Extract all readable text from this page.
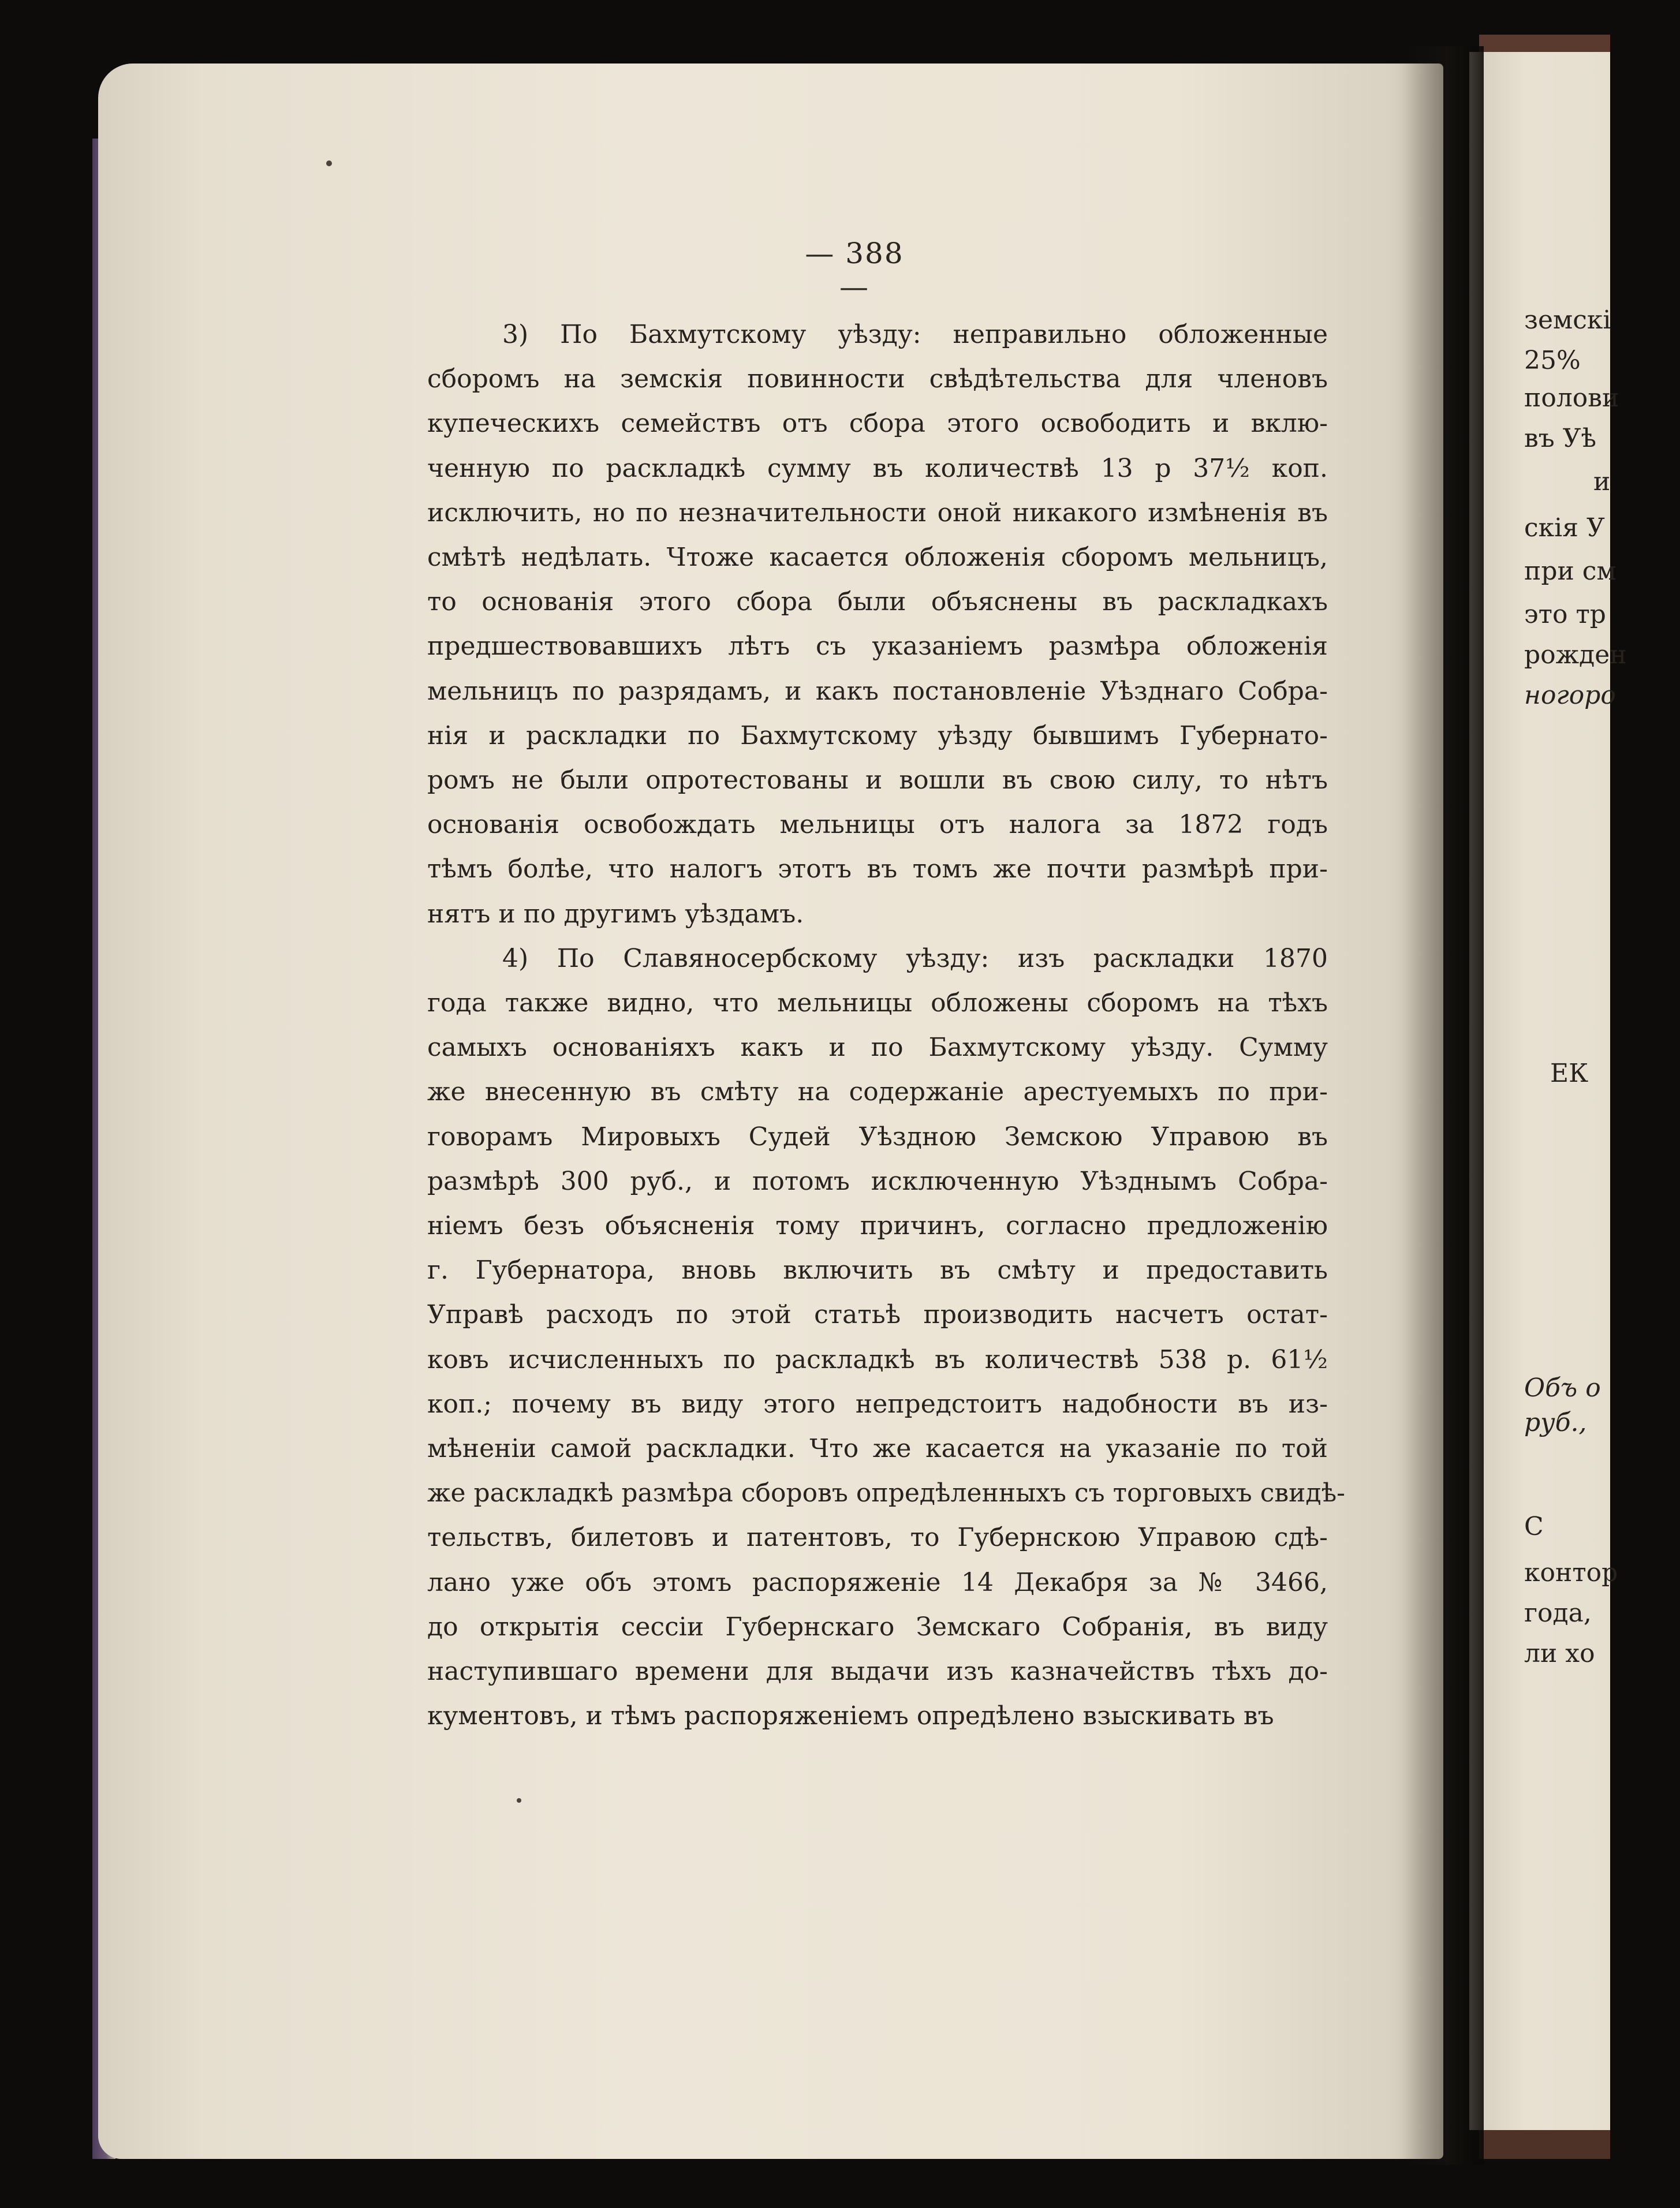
— 388 —
3) По Бахмутскому уѣзду: неправильно обложенные
сборомъ на земскія повинности свѣдѣтельства для членовъ
купеческихъ семействъ отъ сбора этого освободить и вклю-
ченную по раскладкѣ сумму въ количествѣ 13 р 37½ коп.
исключить, но по незначительности оной никакого измѣненія въ
смѣтѣ недѣлать. Чтоже касается обложенія сборомъ мельницъ,
то основанія этого сбора были объяснены въ раскладкахъ
предшествовавшихъ лѣтъ съ указаніемъ размѣра обложенія
мельницъ по разрядамъ, и какъ постановленіе Уѣзднаго Собра-
нія и раскладки по Бахмутскому уѣзду бывшимъ Губернато-
ромъ не были опротестованы и вошли въ свою силу, то нѣтъ
основанія освобождать мельницы отъ налога за 1872 годъ
тѣмъ болѣе, что налогъ этотъ въ томъ же почти размѣрѣ при-
нятъ и по другимъ уѣздамъ.
4) По Славяносербскому уѣзду: изъ раскладки 1870
года также видно, что мельницы обложены сборомъ на тѣхъ
самыхъ основаніяхъ какъ и по Бахмутскому уѣзду. Сумму
же внесенную въ смѣту на содержаніе арестуемыхъ по при-
говорамъ Мировыхъ Судей Уѣздною Земскою Управою въ
размѣрѣ 300 руб., и потомъ исключенную Уѣзднымъ Собра-
ніемъ безъ объясненія тому причинъ, согласно предложенію
г. Губернатора, вновь включить въ смѣту и предоставить
Управѣ расходъ по этой статьѣ производить насчетъ остат-
ковъ исчисленныхъ по раскладкѣ въ количествѣ 538 р. 61½
коп.; почему въ виду этого непредстоитъ надобности въ из-
мѣненіи самой раскладки. Что же касается на указаніе по той
же раскладкѣ размѣра сборовъ опредѣленныхъ съ торговыхъ свидѣ-
тельствъ, билетовъ и патентовъ, то Губернскою Управою сдѣ-
лано уже объ этомъ распоряженіе 14 Декабря за № 3466,
до открытія сессіи Губернскаго Земскаго Собранія, въ виду
наступившаго времени для выдачи изъ казначействъ тѣхъ до-
кументовъ, и тѣмъ распоряженіемъ опредѣлено взыскивать въ
земскі
25%
полови
въ Уѣ
и
скія У
при см
это тр
рожден
ногоро
ЕК
Объ о
руб.,
С
контор
года,
ли хо
